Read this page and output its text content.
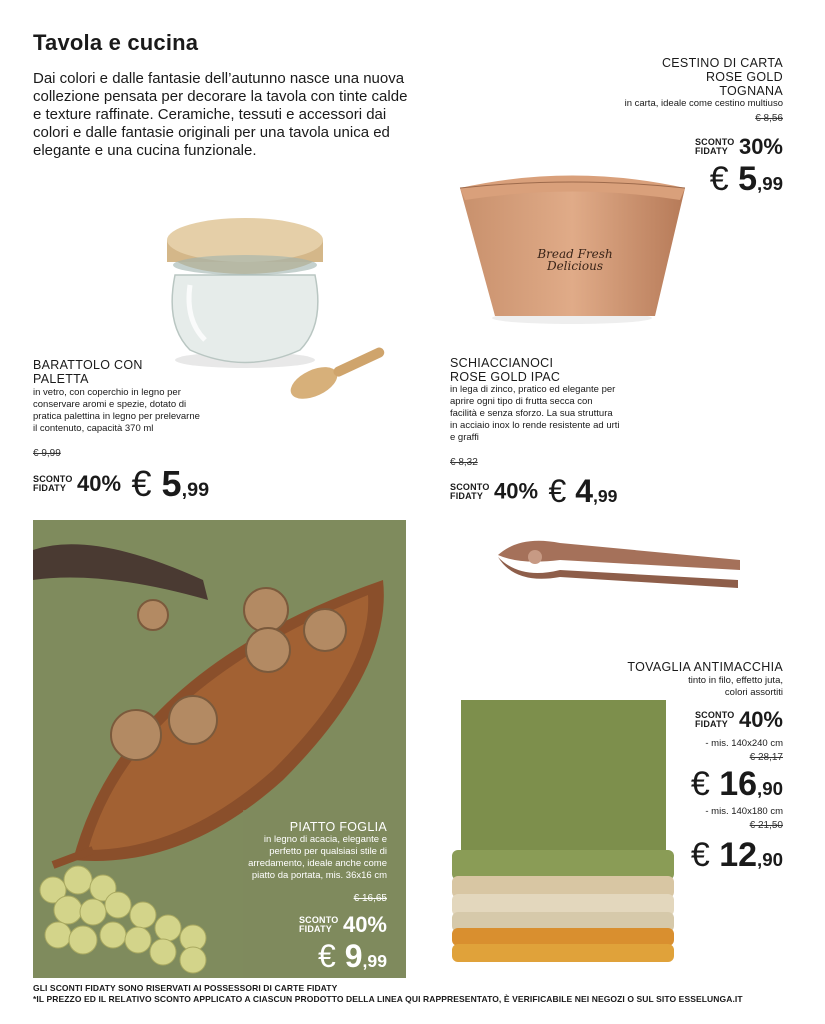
Tavola e cucina
Dai colori e dalle fantasie dell’autunno nasce una nuova collezione pensata per decorare la tavola con tinte calde e texture raffinate. Ceramiche, tessuti e accessori dai colori e dalle fantasie originali per una tavola unica ed elegante e una cucina funzionale.
BARATTOLO CON
PALETTA
in vetro, con coperchio in legno per conservare aromi e spezie, dotato di pratica palettina in legno per prelevarne il contenuto, capacità 370 ml
€ 9,99
SCONTO
FIDATY 40% € 5,99
CESTINO DI CARTA
ROSE GOLD
TOGNANA
in carta, ideale come cestino multiuso
€ 8,56
SCONTO
FIDATY 30%
€ 5,99
Bread Fresh Delicious
SCHIACCIANOCI
ROSE GOLD IPAC
in lega di zinco, pratico ed elegante per aprire ogni tipo di frutta secca con facilità e senza sforzo. La sua struttura in acciaio inox lo rende resistente ad urti e graffi
€ 8,32
SCONTO
FIDATY 40% € 4,99
PIATTO FOGLIA
in legno di acacia, elegante e perfetto per qualsiasi stile di arredamento, ideale anche come piatto da portata, mis. 36x16 cm
€ 16,65
SCONTO
FIDATY 40%
€ 9,99
TOVAGLIA ANTIMACCHIA
tinto in filo, effetto juta,
colori assortiti
SCONTO
FIDATY 40%
- mis. 140x240 cm
€ 28,17
€ 16,90
- mis. 140x180 cm
€ 21,50
€ 12,90
GLI SCONTI FIDATY SONO RISERVATI AI POSSESSORI DI CARTE FIDATY
*IL PREZZO ED IL RELATIVO SCONTO APPLICATO A CIASCUN PRODOTTO DELLA LINEA QUI RAPPRESENTATO, È VERIFICABILE NEI NEGOZI O SUL SITO ESSELUNGA.IT
